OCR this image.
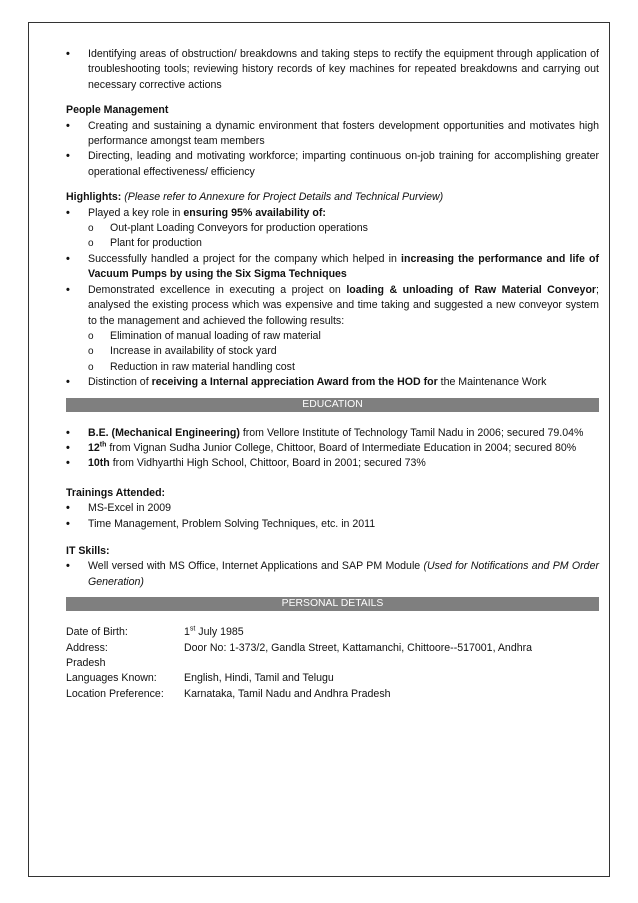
• Identifying areas of obstruction/ breakdowns and taking steps to rectify the equipment through application of troubleshooting tools; reviewing history records of key machines for repeated breakdowns and carrying out necessary corrective actions
People Management
• Creating and sustaining a dynamic environment that fosters development opportunities and motivates high performance amongst team members
• Directing, leading and motivating workforce; imparting continuous on-job training for accomplishing greater operational effectiveness/ efficiency
Highlights: (Please refer to Annexure for Project Details and Technical Purview)
• Played a key role in ensuring 95% availability of:
o Out-plant Loading Conveyors for production operations
o Plant for production
• Successfully handled a project for the company which helped in increasing the performance and life of Vacuum Pumps by using the Six Sigma Techniques
• Demonstrated excellence in executing a project on loading & unloading of Raw Material Conveyor; analysed the existing process which was expensive and time taking and suggested a new conveyor system to the management and achieved the following results:
o Elimination of manual loading of raw material
o Increase in availability of stock yard
o Reduction in raw material handling cost
• Distinction of receiving a Internal appreciation Award from the HOD for the Maintenance Work
EDUCATION
• B.E. (Mechanical Engineering) from Vellore Institute of Technology Tamil Nadu in 2006; secured 79.04%
• 12th from Vignan Sudha Junior College, Chittoor, Board of Intermediate Education in 2004; secured 80%
• 10th from Vidhyarthi High School, Chittoor, Board in 2001; secured 73%
Trainings Attended:
• MS-Excel in 2009
• Time Management, Problem Solving Techniques, etc. in 2011
IT Skills:
• Well versed with MS Office, Internet Applications and SAP PM Module (Used for Notifications and PM Order Generation)
PERSONAL DETAILS
Date of Birth:	1st July 1985
Address:	Door No: 1-373/2, Gandla Street, Kattamanchi, Chittoore--517001, Andhra
Pradesh	
Languages Known:	English, Hindi, Tamil and Telugu
Location Preference:	Karnataka, Tamil Nadu and Andhra Pradesh
